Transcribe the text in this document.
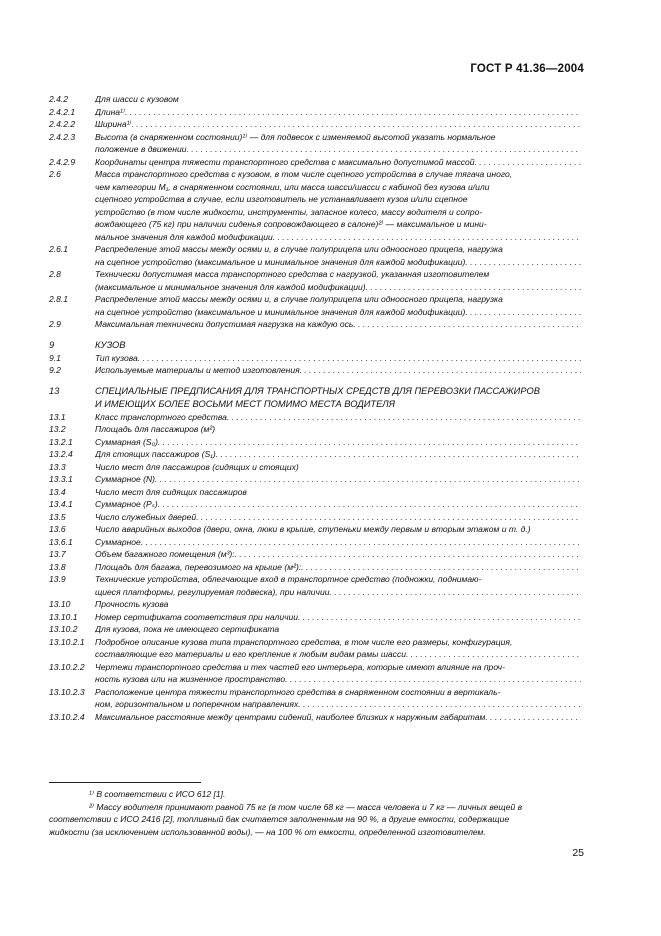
ГОСТ Р 41.36—2004
2.4.2	Для шасси с кузовом
2.4.2.1	Длина¹⁾
. . .
2.4.2.2	Ширина¹⁾
. . .
2.4.2.3	Высота (в снаряженном состоянии)¹⁾ — для подвесок с изменяемой высотой указать нормальное
положение в движении
. . .
2.4.2.9	Координаты центра тяжести транспортного средства с максимально допустимой массой
. . .
2.6	Масса транспортного средства с кузовом, в том числе сцепного устройства в случае тягача иного,
чем категории М₁, в снаряженном состоянии, или масса шасси/шасси с кабиной без кузова и/или
сцепного устройства в случае, если изготовитель не устанавливает кузов и/или сцепное
устройство (в том числе жидкости, инструменты, запасное колесо, массу водителя и сопро-
вождающего (75 кг) при наличии сиденья сопровождающего в салоне)²⁾ — максимальное и мини-
мальное значения для каждой модификации
. . .
2.6.1	Распределение этой массы между осями и, в случае полуприцепа или одноосного прицепа, нагрузка
на сцепное устройство (максимальное и минимальное значения для каждой модификации)
. . .
2.8	Технически допустимая масса транспортного средства с нагрузкой, указанная изготовителем
(максимальное и минимальное значения для каждой модификации)
. . .
2.8.1	Распределение этой массы между осями и, в случае полуприцепа или одноосного прицепа, нагрузка
на сцепное устройство (максимальное и минимальное значения для каждой модификации)
. . .
2.9	Максимальная технически допустимая нагрузка на каждую ось
. . .
9	КУЗОВ
9.1	Тип кузова
. . .
9.2	Используемые материалы и метод изготовления
. . .
13	СПЕЦИАЛЬНЫЕ ПРЕДПИСАНИЯ ДЛЯ ТРАНСПОРТНЫХ СРЕДСТВ ДЛЯ ПЕРЕВОЗКИ ПАССАЖИРОВ
И ИМЕЮЩИХ БОЛЕЕ ВОСЬМИ МЕСТ ПОМИМО МЕСТА ВОДИТЕЛЯ
13.1	Класс транспортного средства
. . .
13.2	Площадь для пассажиров (м²)
13.2.1	Суммарная (S₀)
. . .
13.2.4	Для стоящих пассажиров (S₁)
. . .
13.3	Число мест для пассажиров (сидящих и стоящих)
13.3.1	Суммарное (N)
. . .
13.4	Число мест для сидящих пассажиров
13.4.1	Суммарное (Pₛ)
. . .
13.5	Число служебных дверей
. . .
13.6	Число аварийных выходов (двери, окна, люки в крыше, ступеньки между первым и вторым этажом и т. д.)
13.6.1	Суммарное
. . .
13.7	Объем багажного помещения (м³):
. . .
13.8	Площадь для багажа, перевозимого на крыше (м²):
. . .
13.9	Технические устройства, облегчающие вход в транспортное средство (подножки, поднимаю-
щиеся платформы, регулируемая подвеска), при наличии
. . .
13.10	Прочность кузова
13.10.1	Номер сертификата соответствия при наличии
. . .
13.10.2	Для кузова, пока не имеющего сертификата
13.10.2.1	Подробное описание кузова типа транспортного средства, в том числе его размеры, конфигурация,
составляющие его материалы и его крепление к любым видам рамы шасси
. . .
13.10.2.2	Чертежи транспортного средства и тех частей его интерьера, которые имеют влияние на проч-
ность кузова или на жизненное пространство
. . .
13.10.2.3	Расположение центра тяжести транспортного средства в снаряженном состоянии в вертикаль-
ном, горизонтальном и поперечном направлениях
. . .
13.10.2.4	Максимальное расстояние между центрами сидений, наиболее близких к наружным габаритам
. . .

¹⁾ В соответствии с ИСО 612 [1].

²⁾ Массу водителя принимают равной 75 кг (в том числе 68 кг — масса человека и 7 кг — личных вещей в

соответствии с ИСО 2416 [2], топливный бак считается заполненным на 90 %, а другие емкости, содержащие

жидкости (за исключением использованной воды), — на 100 % от емкости, определенной изготовителем.

25
